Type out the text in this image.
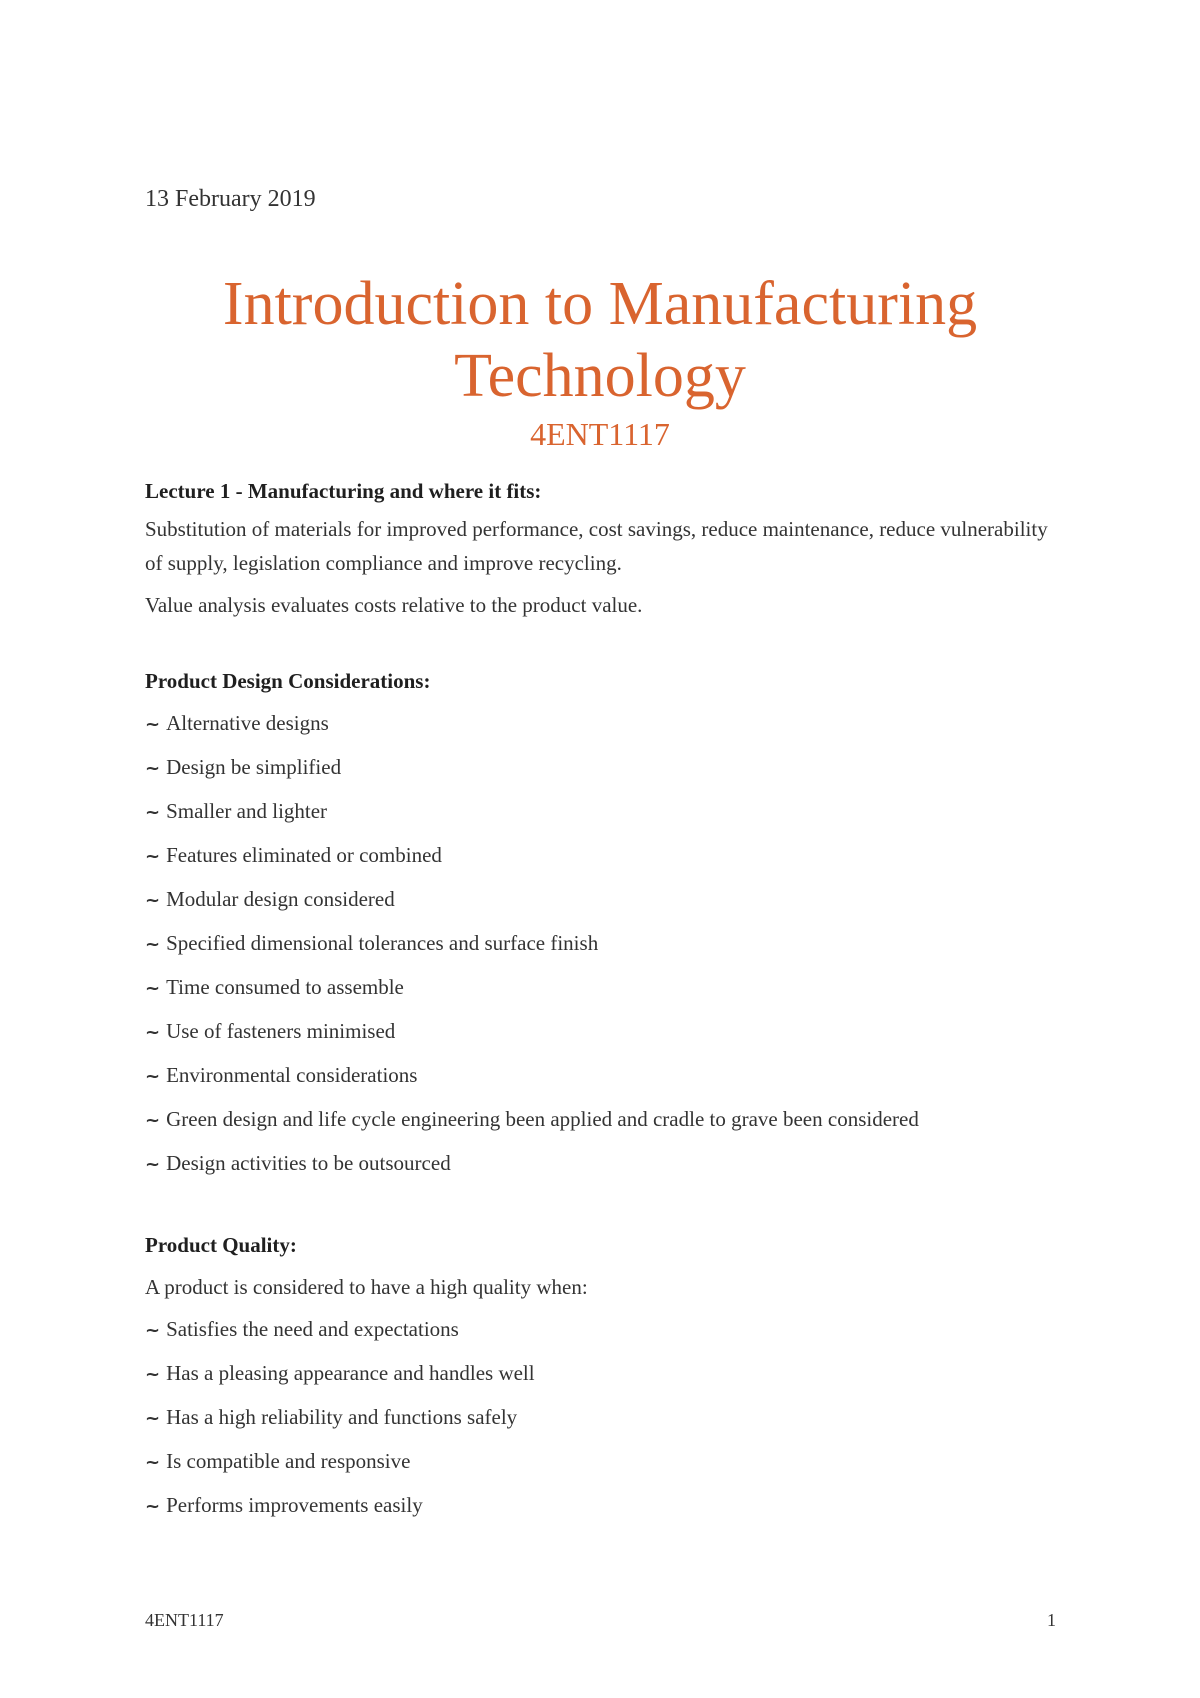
13 February 2019
Introduction to Manufacturing
Technology
4ENT1117

Lecture 1 - Manufacturing and where it fits:

Substitution of materials for improved performance, cost savings, reduce maintenance, reduce vulnerability of supply, legislation compliance and improve recycling.

Value analysis evaluates costs relative to the product value.

Product Design Considerations:

~ Alternative designs
~ Design be simplified
~ Smaller and lighter
~ Features eliminated or combined
~ Modular design considered
~ Specified dimensional tolerances and surface finish
~ Time consumed to assemble
~ Use of fasteners minimised
~ Environmental considerations
~ Green design and life cycle engineering been applied and cradle to grave been considered
~ Design activities to be outsourced

Product Quality:

A product is considered to have a high quality when:

~ Satisfies the need and expectations
~ Has a pleasing appearance and handles well
~ Has a high reliability and functions safely
~ Is compatible and responsive
~ Performs improvements easily
4ENT1117	1
